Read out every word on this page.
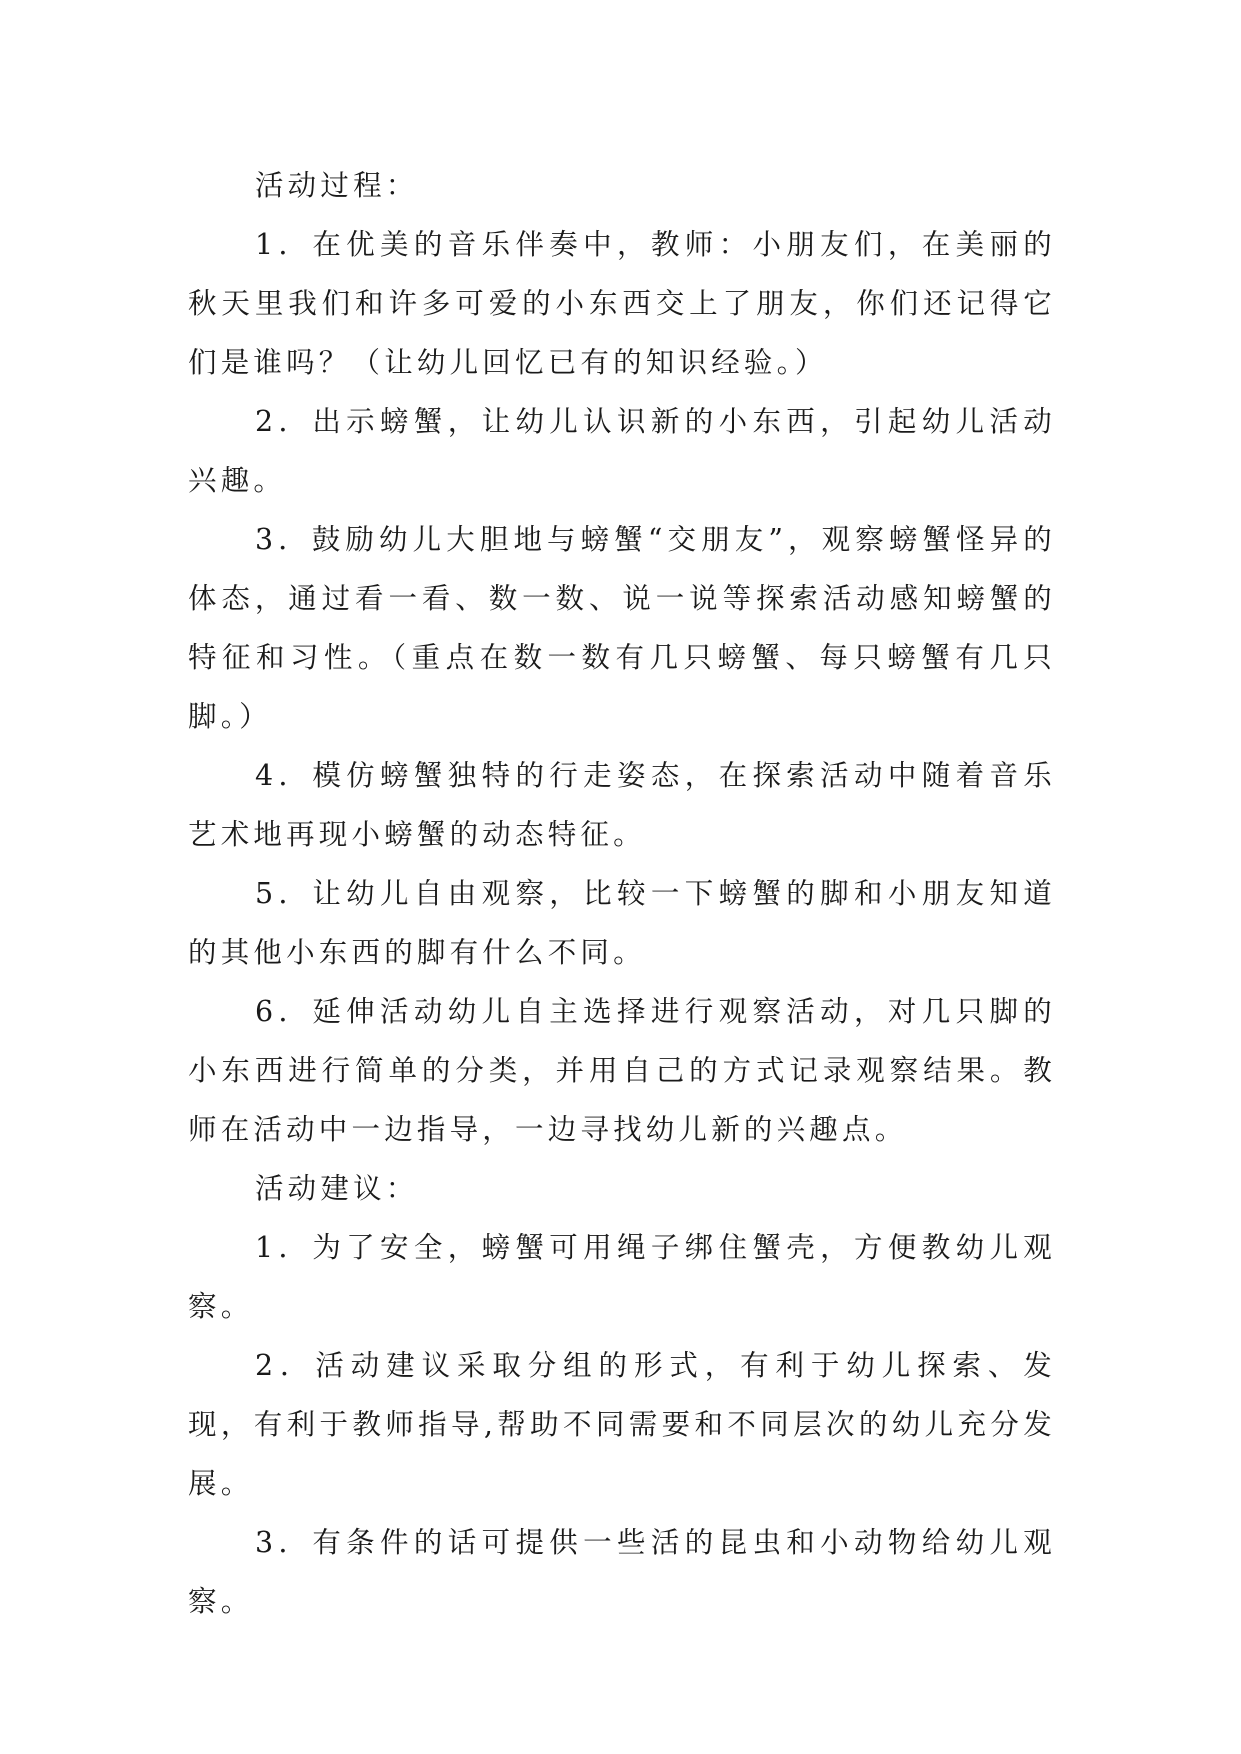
活动过程：

1．在优美的音乐伴奏中，教师：小朋友们，在美丽的秋天里我们和许多可爱的小东西交上了朋友，你们还记得它们是谁吗？（让幼儿回忆已有的知识经验。）

2．出示螃蟹，让幼儿认识新的小东西，引起幼儿活动兴趣。

3．鼓励幼儿大胆地与螃蟹“交朋友”，观察螃蟹怪异的体态，通过看一看、数一数、说一说等探索活动感知螃蟹的特征和习性。（重点在数一数有几只螃蟹、每只螃蟹有几只脚。）

4．模仿螃蟹独特的行走姿态，在探索活动中随着音乐艺术地再现小螃蟹的动态特征。

5．让幼儿自由观察，比较一下螃蟹的脚和小朋友知道的其他小东西的脚有什么不同。

6．延伸活动幼儿自主选择进行观察活动，对几只脚的小东西进行简单的分类，并用自己的方式记录观察结果。教师在活动中一边指导，一边寻找幼儿新的兴趣点。

活动建议：

1．为了安全，螃蟹可用绳子绑住蟹壳，方便教幼儿观察。

2．活动建议采取分组的形式，有利于幼儿探索、发现，有利于教师指导,帮助不同需要和不同层次的幼儿充分发展。

3．有条件的话可提供一些活的昆虫和小动物给幼儿观察。
